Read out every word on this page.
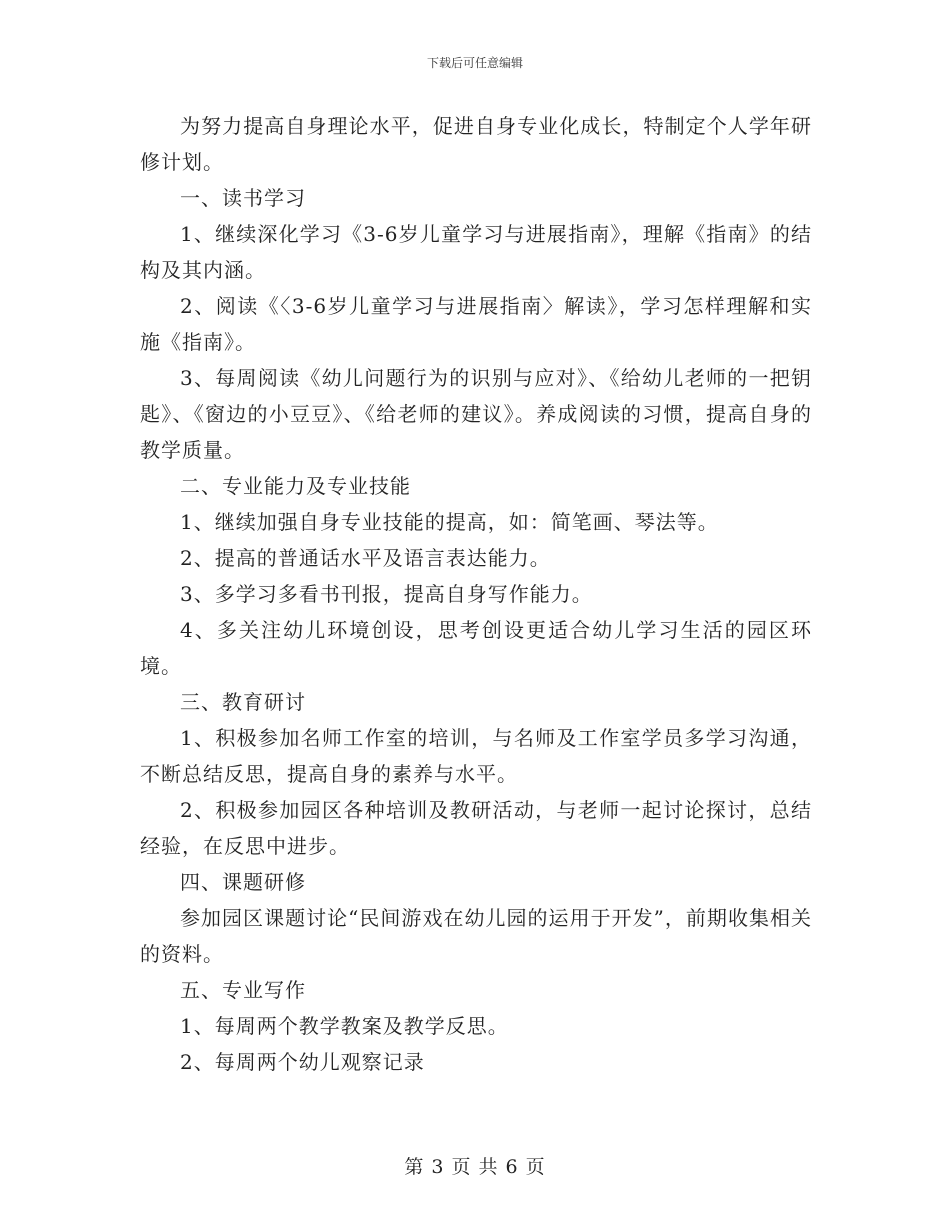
下载后可任意编辑

为努力提高自身理论水平，促进自身专业化成长，特制定个人学年研修计划。

一、读书学习

1、继续深化学习《3-6岁儿童学习与进展指南》，理解《指南》的结构及其内涵。

2、阅读《〈3-6岁儿童学习与进展指南〉解读》，学习怎样理解和实施《指南》。

3、每周阅读《幼儿问题行为的识别与应对》、《给幼儿老师的一把钥匙》、《窗边的小豆豆》、《给老师的建议》。养成阅读的习惯，提高自身的教学质量。

二、专业能力及专业技能

1、继续加强自身专业技能的提高，如：简笔画、琴法等。

2、提高的普通话水平及语言表达能力。

3、多学习多看书刊报，提高自身写作能力。

4、多关注幼儿环境创设，思考创设更适合幼儿学习生活的园区环境。

三、教育研讨

1、积极参加名师工作室的培训，与名师及工作室学员多学习沟通，不断总结反思，提高自身的素养与水平。

2、积极参加园区各种培训及教研活动，与老师一起讨论探讨，总结经验，在反思中进步。

四、课题研修

参加园区课题讨论“民间游戏在幼儿园的运用于开发”，前期收集相关的资料。

五、专业写作

1、每周两个教学教案及教学反思。

2、每周两个幼儿观察记录

第 3 页 共 6 页
